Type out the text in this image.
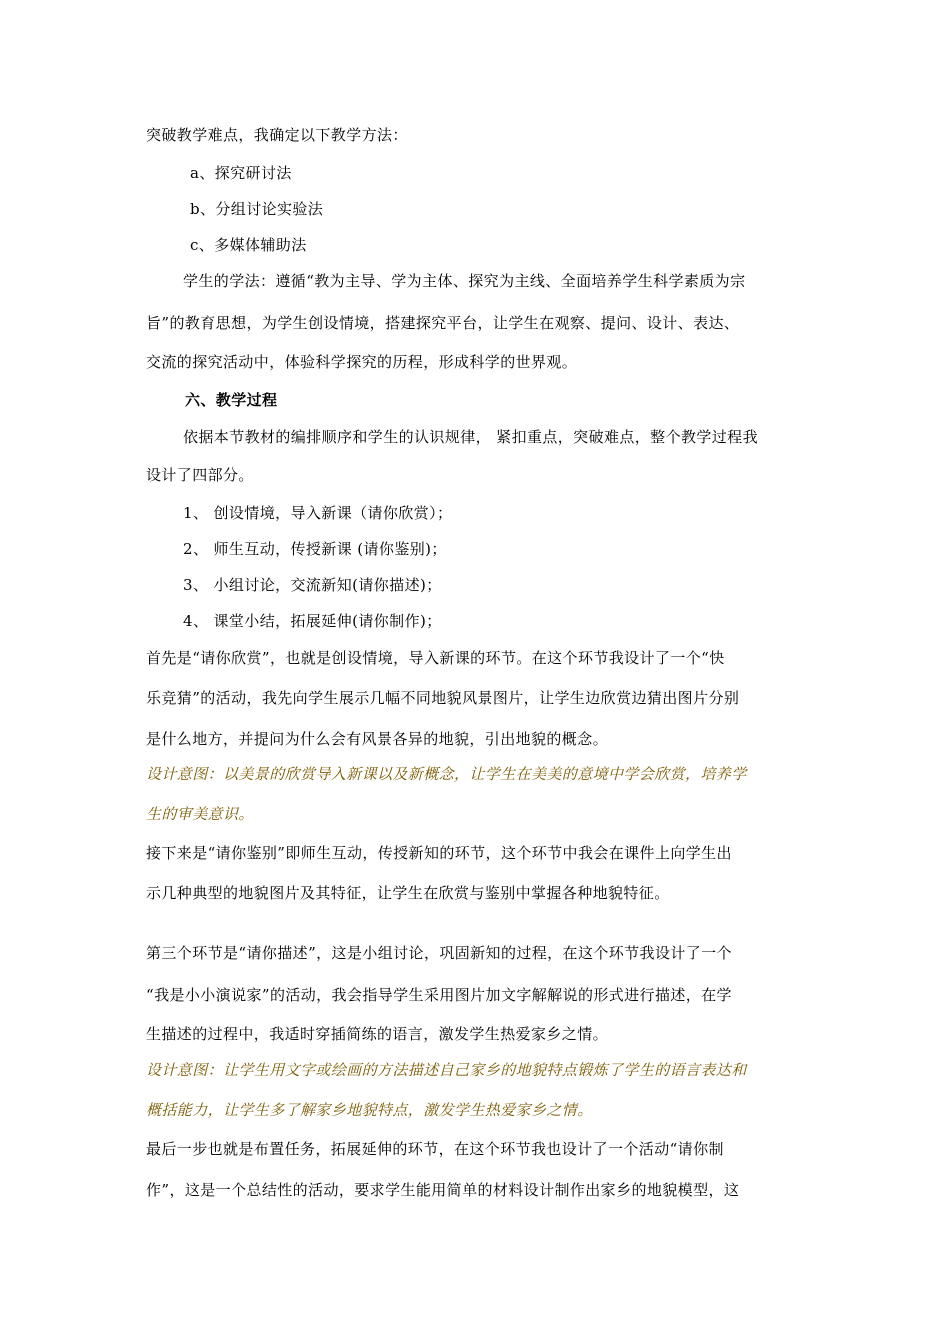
突破教学难点，我确定以下教学方法：
a、探究研讨法
b、分组讨论实验法
c、多媒体辅助法
学生的学法：遵循“教为主导、学为主体、探究为主线、全面培养学生科学素质为宗
旨”的教育思想，为学生创设情境，搭建探究平台，让学生在观察、提问、设计、表达、
交流的探究活动中，体验科学探究的历程，形成科学的世界观。
六、教学过程
依据本节教材的编排顺序和学生的认识规律， 紧扣重点，突破难点，整个教学过程我
设计了四部分。
1、 创设情境，导入新课（请你欣赏）；
2、 师生互动，传授新课 (请你鉴别)；
3、 小组讨论，交流新知(请你描述)；
4、 课堂小结，拓展延伸(请你制作)；
首先是“请你欣赏”，也就是创设情境，导入新课的环节。在这个环节我设计了一个“快
乐竞猜”的活动，我先向学生展示几幅不同地貌风景图片，让学生边欣赏边猜出图片分别
是什么地方，并提问为什么会有风景各异的地貌，引出地貌的概念。
设计意图：以美景的欣赏导入新课以及新概念，让学生在美美的意境中学会欣赏，培养学
生的审美意识。
接下来是“请你鉴别”即师生互动，传授新知的环节，这个环节中我会在课件上向学生出
示几种典型的地貌图片及其特征，让学生在欣赏与鉴别中掌握各种地貌特征。
第三个环节是“请你描述”，这是小组讨论，巩固新知的过程，在这个环节我设计了一个
“我是小小演说家”的活动，我会指导学生采用图片加文字解解说的形式进行描述，在学
生描述的过程中，我适时穿插简练的语言，激发学生热爱家乡之情。
设计意图：让学生用文字或绘画的方法描述自己家乡的地貌特点锻炼了学生的语言表达和
概括能力，让学生多了解家乡地貌特点，激发学生热爱家乡之情。
最后一步也就是布置任务，拓展延伸的环节，在这个环节我也设计了一个活动“请你制
作”，这是一个总结性的活动，要求学生能用简单的材料设计制作出家乡的地貌模型，这
